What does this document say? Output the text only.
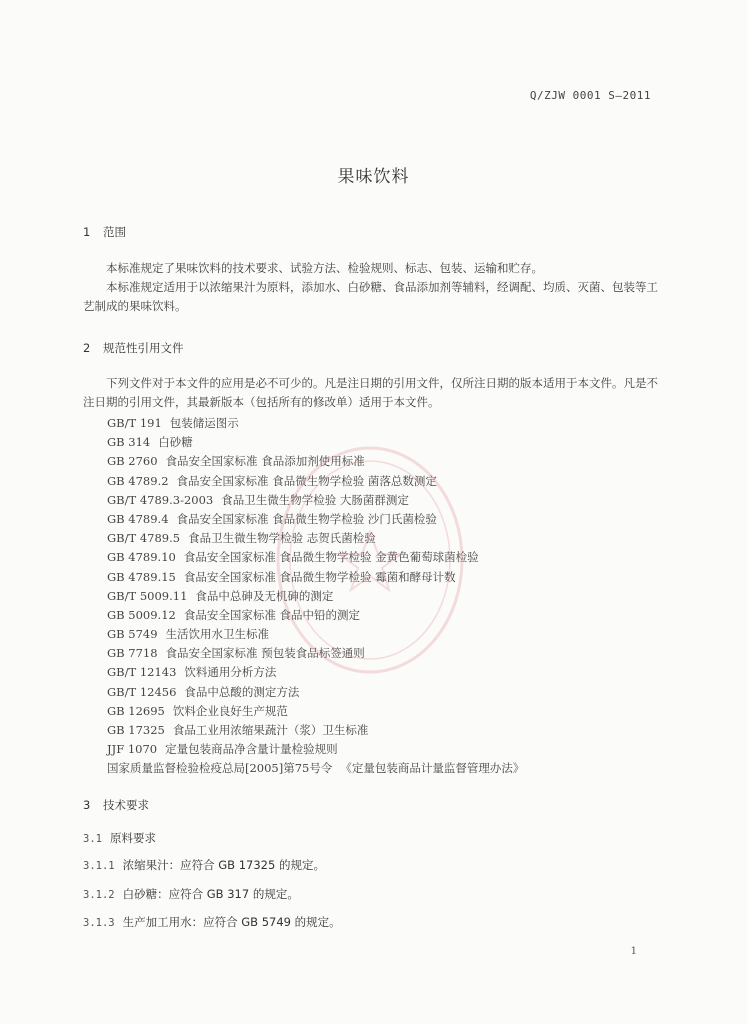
Q/ZJW 0001 S—2011
果味饮料
1 范围

本标准规定了果味饮料的技术要求、试验方法、检验规则、标志、包装、运输和贮存。

本标准规定适用于以浓缩果汁为原料，添加水、白砂糖、食品添加剂等辅料，经调配、均质、灭菌、包装等工艺制成的果味饮料。

2 规范性引用文件

下列文件对于本文件的应用是必不可少的。凡是注日期的引用文件，仅所注日期的版本适用于本文件。凡是不注日期的引用文件，其最新版本（包括所有的修改单）适用于本文件。

GB/T 191 包装储运图示
GB 314 白砂糖
GB 2760 食品安全国家标准 食品添加剂使用标准
GB 4789.2 食品安全国家标准 食品微生物学检验 菌落总数测定
GB/T 4789.3-2003 食品卫生微生物学检验 大肠菌群测定
GB 4789.4 食品安全国家标准 食品微生物学检验 沙门氏菌检验
GB/T 4789.5 食品卫生微生物学检验 志贺氏菌检验
GB 4789.10 食品安全国家标准 食品微生物学检验 金黄色葡萄球菌检验
GB 4789.15 食品安全国家标准 食品微生物学检验 霉菌和酵母计数
GB/T 5009.11 食品中总砷及无机砷的测定
GB 5009.12 食品安全国家标准 食品中铅的测定
GB 5749 生活饮用水卫生标准
GB 7718 食品安全国家标准 预包装食品标签通则
GB/T 12143 饮料通用分析方法
GB/T 12456 食品中总酸的测定方法
GB 12695 饮料企业良好生产规范
GB 17325 食品工业用浓缩果蔬汁（浆）卫生标准
JJF 1070 定量包装商品净含量计量检验规则
国家质量监督检验检疫总局[2005]第75号令 《定量包装商品计量监督管理办法》
3 技术要求
3.1 原料要求
3.1.1 浓缩果汁：应符合 GB 17325 的规定。
3.1.2 白砂糖：应符合 GB 317 的规定。
3.1.3 生产加工用水：应符合 GB 5749 的规定。
1
